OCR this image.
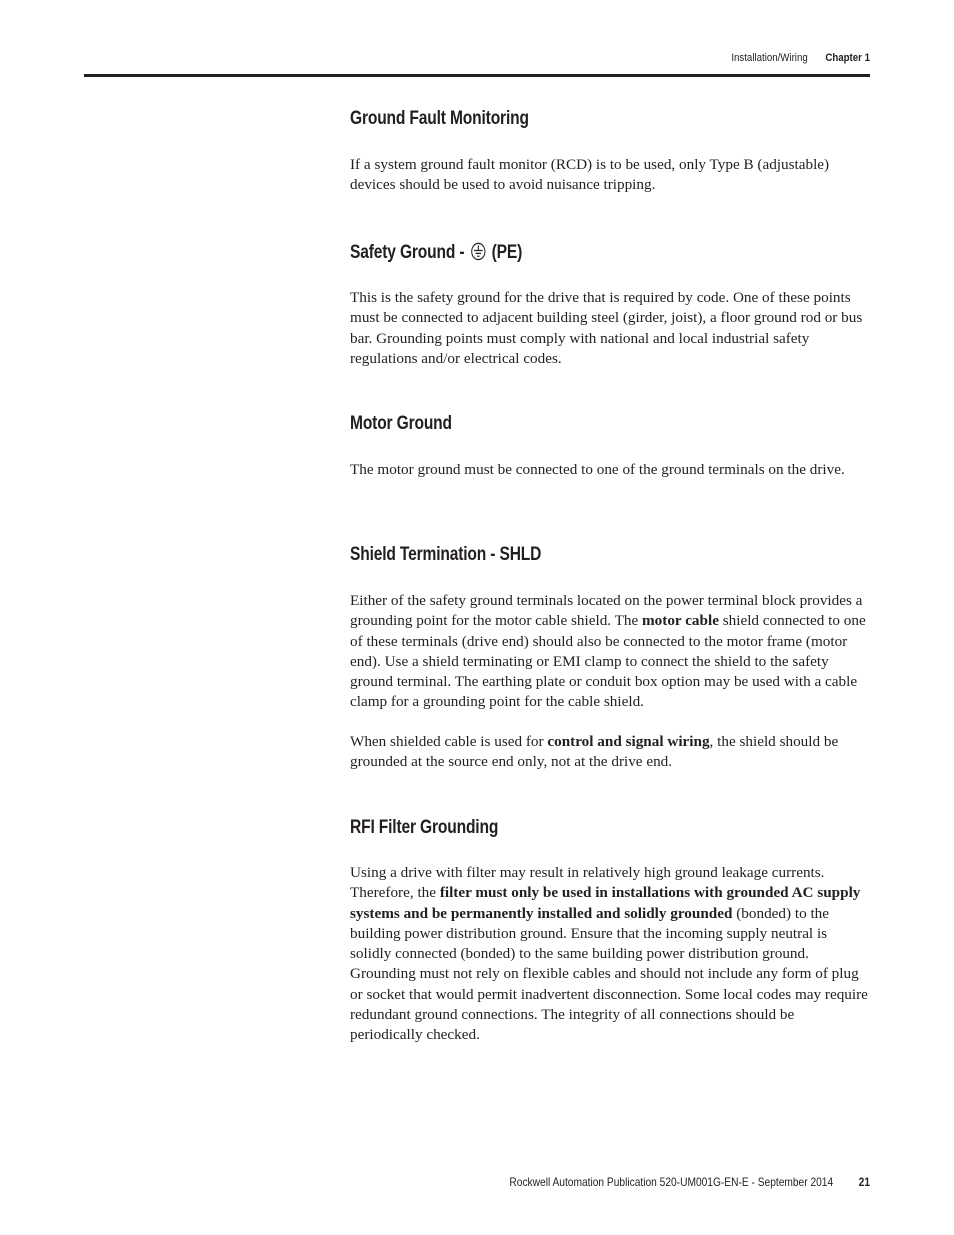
Installation/Wiring Chapter 1
Ground Fault Monitoring

If a system ground fault monitor (RCD) is to be used, only Type B (adjustable) devices should be used to avoid nuisance tripping.

Safety Ground -  (PE)

This is the safety ground for the drive that is required by code. One of these points must be connected to adjacent building steel (girder, joist), a floor ground rod or bus bar. Grounding points must comply with national and local industrial safety regulations and/or electrical codes.

Motor Ground

The motor ground must be connected to one of the ground terminals on the drive.

Shield Termination - SHLD

Either of the safety ground terminals located on the power terminal block provides a grounding point for the motor cable shield. The motor cable shield connected to one of these terminals (drive end) should also be connected to the motor frame (motor end). Use a shield terminating or EMI clamp to connect the shield to the safety ground terminal. The earthing plate or conduit box option may be used with a cable clamp for a grounding point for the cable shield.

When shielded cable is used for control and signal wiring, the shield should be grounded at the source end only, not at the drive end.

RFI Filter Grounding

Using a drive with filter may result in relatively high ground leakage currents. Therefore, the filter must only be used in installations with grounded AC supply systems and be permanently installed and solidly grounded (bonded) to the building power distribution ground. Ensure that the incoming supply neutral is solidly connected (bonded) to the same building power distribution ground. Grounding must not rely on flexible cables and should not include any form of plug or socket that would permit inadvertent disconnection. Some local codes may require redundant ground connections. The integrity of all connections should be periodically checked.

Rockwell Automation Publication 520-UM001G-EN-E - September 2014 21
